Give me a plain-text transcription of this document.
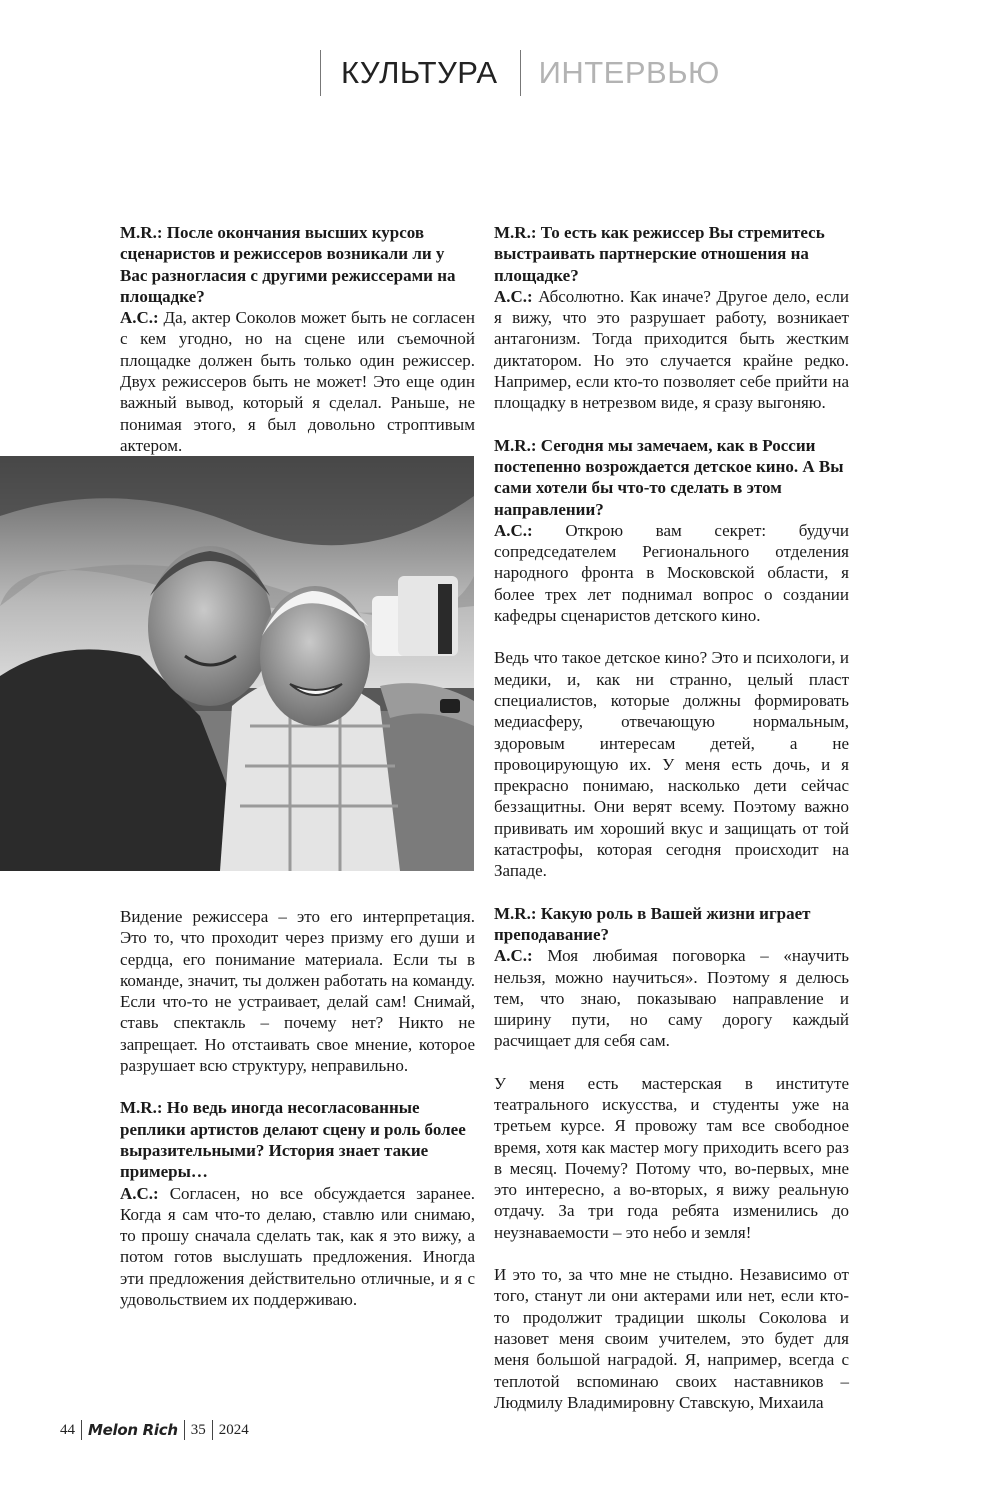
КУЛЬТУРА	ИНТЕРВЬЮ

M.R.: После окончания высших курсов сценаристов и режиссеров возникали ли у Вас разногласия с другими режиссерами на площадке?
А.С.: Да, актер Соколов может быть не согласен с кем угодно, но на сцене или съемочной площадке должен быть только один режиссер. Двух режиссеров быть не может! Это еще один важный вывод, который я сделал. Раньше, не понимая этого, я был довольно строптивым актером.

Видение режиссера – это его интерпретация. Это то, что проходит через призму его души и сердца, его понимание материала. Если ты в команде, значит, ты должен работать на команду. Если что-то не устраивает, делай сам! Снимай, ставь спектакль – почему нет? Никто не запрещает. Но отстаивать свое мнение, которое разрушает всю структуру, неправильно.

M.R.: Но ведь иногда несогласованные реплики артистов делают сцену и роль более выразительными? История знает такие примеры…
А.С.: Согласен, но все обсуждается заранее. Когда я сам что-то делаю, ставлю или снимаю, то прошу сначала сделать так, как я это вижу, а потом готов выслушать предложения. Иногда эти предложения действительно отличные, и я с удовольствием их поддерживаю.

M.R.: То есть как режиссер Вы стремитесь выстраивать партнерские отношения на площадке?
А.С.: Абсолютно. Как иначе? Другое дело, если я вижу, что это разрушает работу, возникает антагонизм. Тогда приходится быть жестким диктатором. Но это случается крайне редко. Например, если кто-то позволяет себе прийти на площадку в нетрезвом виде, я сразу выгоняю.

M.R.: Сегодня мы замечаем, как в России постепенно возрождается детское кино. А Вы сами хотели бы что-то сделать в этом направлении?
А.С.: Открою вам секрет: будучи сопредседателем Регионального отделения народного фронта в Московской области, я более трех лет поднимал вопрос о создании кафедры сценаристов детского кино.

Ведь что такое детское кино? Это и психологи, и медики, и, как ни странно, целый пласт специалистов, которые должны формировать медиасферу, отвечающую нормальным, здоровым интересам детей, а не провоцирующую их. У меня есть дочь, и я прекрасно понимаю, насколько дети сейчас беззащитны. Они верят всему. Поэтому важно прививать им хороший вкус и защищать от той катастрофы, которая сегодня происходит на Западе.

M.R.: Какую роль в Вашей жизни играет преподавание?
А.С.: Моя любимая поговорка – «научить нельзя, можно научиться». Поэтому я делюсь тем, что знаю, показываю направление и ширину пути, но саму дорогу каждый расчищает для себя сам.

У меня есть мастерская в институте театрального искусства, и студенты уже на третьем курсе. Я провожу там все свободное время, хотя как мастер могу приходить всего раз в месяц. Почему? Потому что, во-первых, мне это интересно, а во-вторых, я вижу реальную отдачу. За три года ребята изменились до неузнаваемости – это небо и земля!

И это то, за что мне не стыдно. Независимо от того, станут ли они актерами или нет, если кто-то продолжит традиции школы Соколова и назовет меня своим учителем, это будет для меня большой наградой. Я, например, всегда с теплотой вспоминаю своих наставников – Людмилу Владимировну Ставскую, Михаила

44 Melon Rich 35 2024
